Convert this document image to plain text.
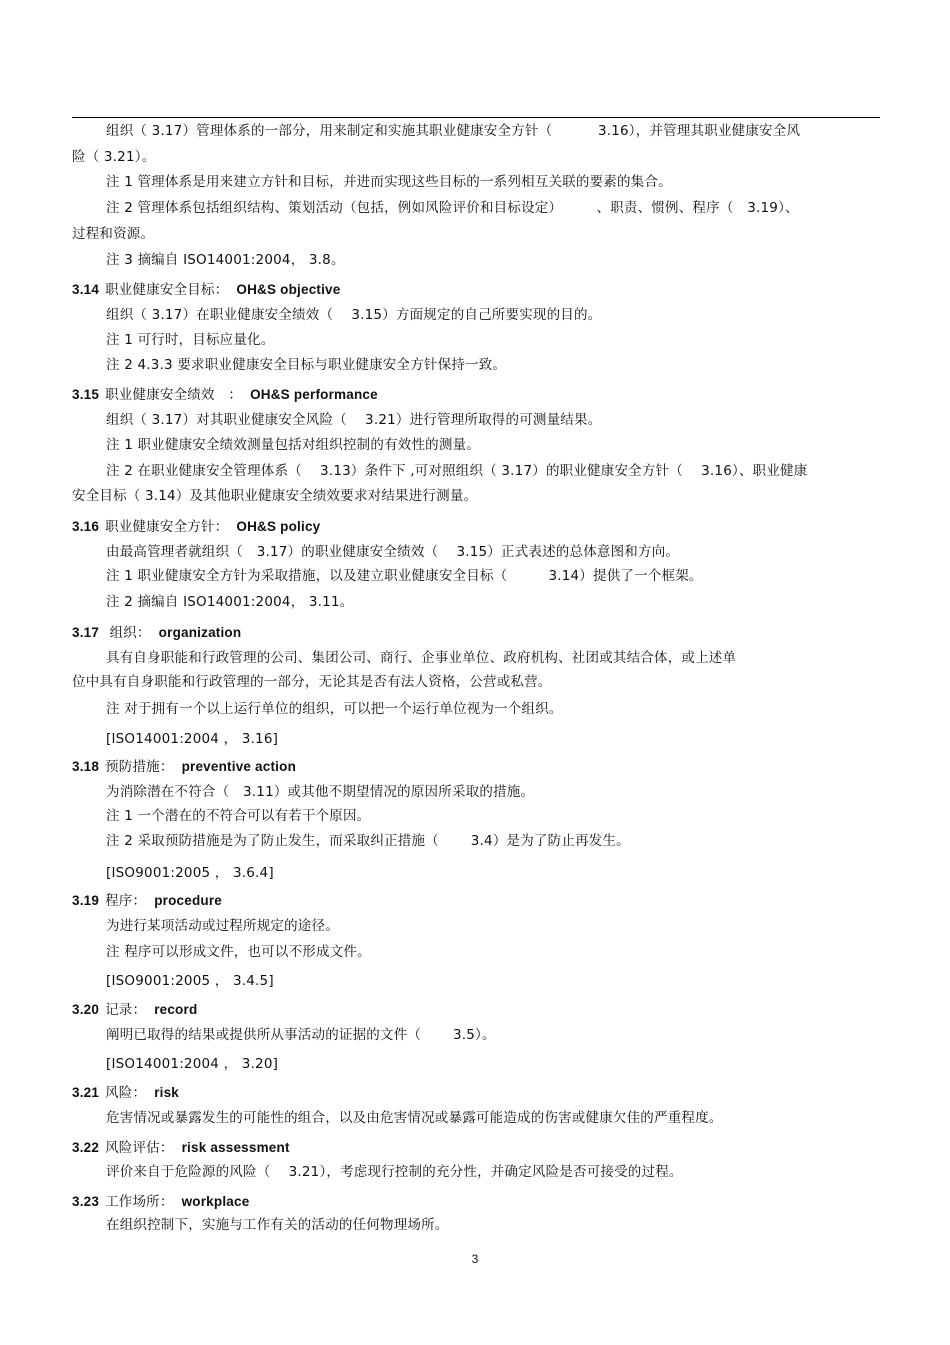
组织（ 3.17）管理体系的一部分，用来制定和实施其职业健康安全方针（　　　 3.16），并管理其职业健康安全风
险（ 3.21）。
注 1 管理体系是用来建立方针和目标，并进而实现这些目标的一系列相互关联的要素的集合。
注 2 管理体系包括组织结构、策划活动（包括，例如风险评价和目标设定）　　　、职责、惯例、程序（　3.19）、
过程和资源。
注 3 摘编自 ISO14001:2004， 3.8。
组织（ 3.17）在职业健康安全绩效（　 3.15）方面规定的自己所要实现的目的。
注 1 可行时，目标应量化。
注 2 4.3.3 要求职业健康安全目标与职业健康安全方针保持一致。
组织（ 3.17）对其职业健康安全风险（　 3.21）进行管理所取得的可测量结果。
注 1 职业健康安全绩效测量包括对组织控制的有效性的测量。
注 2 在职业健康安全管理体系（　 3.13）条件下 ,可对照组织（ 3.17）的职业健康安全方针（　 3.16）、职业健康
安全目标（ 3.14）及其他职业健康安全绩效要求对结果进行测量。
由最高管理者就组织（　3.17）的职业健康安全绩效（　 3.15）正式表述的总体意图和方向。
注 1 职业健康安全方针为采取措施，以及建立职业健康安全目标（　　　3.14）提供了一个框架。
注 2 摘编自 ISO14001:2004， 3.11。
具有自身职能和行政管理的公司、集团公司、商行、企事业单位、政府机构、社团或其结合体，或上述单
位中具有自身职能和行政管理的一部分，无论其是否有法人资格，公营或私营。
注 对于拥有一个以上运行单位的组织，可以把一个运行单位视为一个组织。
[ISO14001:2004 ， 3.16]
为消除潜在不符合（　3.11）或其他不期望情况的原因所采取的措施。
注 1 一个潜在的不符合可以有若干个原因。
注 2 采取预防措施是为了防止发生，而采取纠正措施（　　 3.4）是为了防止再发生。
[ISO9001:2005 ， 3.6.4]
为进行某项活动或过程所规定的途径。
注 程序可以形成文件，也可以不形成文件。
[ISO9001:2005 ， 3.4.5]
阐明已取得的结果或提供所从事活动的证据的文件（　　 3.5）。
[ISO14001:2004 ， 3.20]
危害情况或暴露发生的可能性的组合，以及由危害情况或暴露可能造成的伤害或健康欠佳的严重程度。
评价来自于危险源的风险（　 3.21），考虑现行控制的充分性，并确定风险是否可接受的过程。
在组织控制下，实施与工作有关的活动的任何物理场所。
3.14 职业健康安全目标： OH&S objective
3.15 职业健康安全绩效　： OH&S performance
3.16 职业健康安全方针： OH&S policy
3.17 组织： organization
3.18 预防措施： preventive action
3.19 程序： procedure
3.20 记录： record
3.21 风险： risk
3.22 风险评估： risk assessment
3.23 工作场所： workplace
3
